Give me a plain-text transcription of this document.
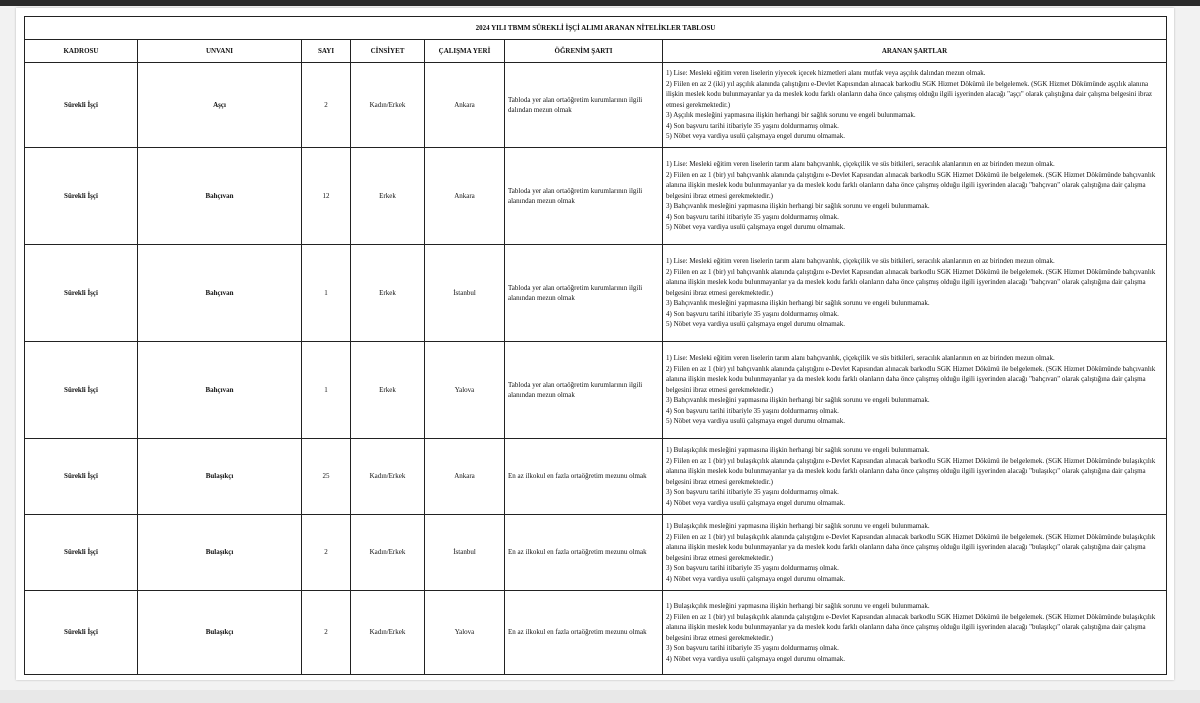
2024 YILI TBMM SÜREKLİ İŞÇİ ALIMI ARANAN NİTELİKLER TABLOSU						
KADROSU	UNVANI	SAYI	CİNSİYET	ÇALIŞMA YERİ	ÖĞRENİM ŞARTI	ARANAN ŞARTLAR
Sürekli İşçi	Aşçı	2	Kadın/Erkek	Ankara	Tabloda yer alan ortaöğretim kurumlarının ilgili dalından mezun olmak	1) Lise: Mesleki eğitim veren liselerin yiyecek içecek hizmetleri alanı mutfak veya aşçılık dalından mezun olmak.
2) Fiilen en az 2 (iki) yıl aşçılık alanında çalıştığını e-Devlet Kapısından alınacak barkodlu SGK Hizmet Dökümü ile belgelemek. (SGK Hizmet Dökümünde aşçılık alanına ilişkin meslek kodu bulunmayanlar ya da meslek kodu farklı olanların daha önce çalışmış olduğu ilgili işyerinden alacağı "aşçı" olarak çalıştığına dair çalışma belgesini ibraz etmesi gerekmektedir.)
3) Aşçılık mesleğini yapmasına ilişkin herhangi bir sağlık sorunu ve engeli bulunmamak.
4) Son başvuru tarihi itibariyle 35 yaşını doldurmamış olmak.
5) Nöbet veya vardiya usulü çalışmaya engel durumu olmamak.

Sürekli İşçi	Bahçıvan	12	Erkek	Ankara	Tabloda yer alan ortaöğretim kurumlarının ilgili alanından mezun olmak	1) Lise: Mesleki eğitim veren liselerin tarım alanı bahçıvanlık, çiçekçilik ve süs bitkileri, seracılık alanlarının en az birinden mezun olmak.
2) Fiilen en az 1 (bir) yıl bahçıvanlık alanında çalıştığını e-Devlet Kapısından alınacak barkodlu SGK Hizmet Dökümü ile belgelemek. (SGK Hizmet Dökümünde bahçıvanlık alanına ilişkin meslek kodu bulunmayanlar ya da meslek kodu farklı olanların daha önce çalışmış olduğu ilgili işyerinden alacağı "bahçıvan" olarak çalıştığına dair çalışma belgesini ibraz etmesi gerekmektedir.)
3) Bahçıvanlık mesleğini yapmasına ilişkin herhangi bir sağlık sorunu ve engeli bulunmamak.
4) Son başvuru tarihi itibariyle 35 yaşını doldurmamış olmak.
5) Nöbet veya vardiya usulü çalışmaya engel durumu olmamak.

Sürekli İşçi	Bahçıvan	1	Erkek	İstanbul	Tabloda yer alan ortaöğretim kurumlarının ilgili alanından mezun olmak	1) Lise: Mesleki eğitim veren liselerin tarım alanı bahçıvanlık, çiçekçilik ve süs bitkileri, seracılık alanlarının en az birinden mezun olmak.
2) Fiilen en az 1 (bir) yıl bahçıvanlık alanında çalıştığını e-Devlet Kapısından alınacak barkodlu SGK Hizmet Dökümü ile belgelemek. (SGK Hizmet Dökümünde bahçıvanlık alanına ilişkin meslek kodu bulunmayanlar ya da meslek kodu farklı olanların daha önce çalışmış olduğu ilgili işyerinden alacağı "bahçıvan" olarak çalıştığına dair çalışma belgesini ibraz etmesi gerekmektedir.)
3) Bahçıvanlık mesleğini yapmasına ilişkin herhangi bir sağlık sorunu ve engeli bulunmamak.
4) Son başvuru tarihi itibariyle 35 yaşını doldurmamış olmak.
5) Nöbet veya vardiya usulü çalışmaya engel durumu olmamak.

Sürekli İşçi	Bahçıvan	1	Erkek	Yalova	Tabloda yer alan ortaöğretim kurumlarının ilgili alanından mezun olmak	1) Lise: Mesleki eğitim veren liselerin tarım alanı bahçıvanlık, çiçekçilik ve süs bitkileri, seracılık alanlarının en az birinden mezun olmak.
2) Fiilen en az 1 (bir) yıl bahçıvanlık alanında çalıştığını e-Devlet Kapısından alınacak barkodlu SGK Hizmet Dökümü ile belgelemek. (SGK Hizmet Dökümünde bahçıvanlık alanına ilişkin meslek kodu bulunmayanlar ya da meslek kodu farklı olanların daha önce çalışmış olduğu ilgili işyerinden alacağı "bahçıvan" olarak çalıştığına dair çalışma belgesini ibraz etmesi gerekmektedir.)
3) Bahçıvanlık mesleğini yapmasına ilişkin herhangi bir sağlık sorunu ve engeli bulunmamak.
4) Son başvuru tarihi itibariyle 35 yaşını doldurmamış olmak.
5) Nöbet veya vardiya usulü çalışmaya engel durumu olmamak.

Sürekli İşçi	Bulaşıkçı	25	Kadın/Erkek	Ankara	En az ilkokul en fazla ortaöğretim mezunu olmak	1) Bulaşıkçılık mesleğini yapmasına ilişkin herhangi bir sağlık sorunu ve engeli bulunmamak.
2) Fiilen en az 1 (bir) yıl bulaşıkçılık alanında çalıştığını e-Devlet Kapısından alınacak barkodlu SGK Hizmet Dökümü ile belgelemek. (SGK Hizmet Dökümünde bulaşıkçılık alanına ilişkin meslek kodu bulunmayanlar ya da meslek kodu farklı olanların daha önce çalışmış olduğu ilgili işyerinden alacağı "bulaşıkçı" olarak çalıştığına dair çalışma belgesini ibraz etmesi gerekmektedir.)
3) Son başvuru tarihi itibariyle 35 yaşını doldurmamış olmak.
4) Nöbet veya vardiya usulü çalışmaya engel durumu olmamak.

Sürekli İşçi	Bulaşıkçı	2	Kadın/Erkek	İstanbul	En az ilkokul en fazla ortaöğretim mezunu olmak	1) Bulaşıkçılık mesleğini yapmasına ilişkin herhangi bir sağlık sorunu ve engeli bulunmamak.
2) Fiilen en az 1 (bir) yıl bulaşıkçılık alanında çalıştığını e-Devlet Kapısından alınacak barkodlu SGK Hizmet Dökümü ile belgelemek. (SGK Hizmet Dökümünde bulaşıkçılık alanına ilişkin meslek kodu bulunmayanlar ya da meslek kodu farklı olanların daha önce çalışmış olduğu ilgili işyerinden alacağı "bulaşıkçı" olarak çalıştığına dair çalışma belgesini ibraz etmesi gerekmektedir.)
3) Son başvuru tarihi itibariyle 35 yaşını doldurmamış olmak.
4) Nöbet veya vardiya usulü çalışmaya engel durumu olmamak.

Sürekli İşçi	Bulaşıkçı	2	Kadın/Erkek	Yalova	En az ilkokul en fazla ortaöğretim mezunu olmak	1) Bulaşıkçılık mesleğini yapmasına ilişkin herhangi bir sağlık sorunu ve engeli bulunmamak.
2) Fiilen en az 1 (bir) yıl bulaşıkçılık alanında çalıştığını e-Devlet Kapısından alınacak barkodlu SGK Hizmet Dökümü ile belgelemek. (SGK Hizmet Dökümünde bulaşıkçılık alanına ilişkin meslek kodu bulunmayanlar ya da meslek kodu farklı olanların daha önce çalışmış olduğu ilgili işyerinden alacağı "bulaşıkçı" olarak çalıştığına dair çalışma belgesini ibraz etmesi gerekmektedir.)
3) Son başvuru tarihi itibariyle 35 yaşını doldurmamış olmak.
4) Nöbet veya vardiya usulü çalışmaya engel durumu olmamak.
